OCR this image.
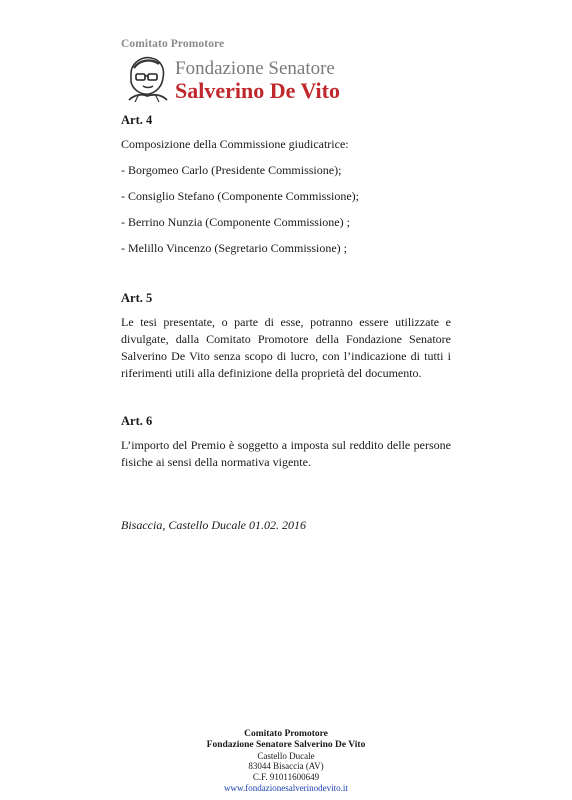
Comitato Promotore
Fondazione Senatore
Salverino De Vito

Art. 4

Composizione della Commissione giudicatrice:

- Borgomeo Carlo (Presidente Commissione);

- Consiglio Stefano (Componente Commissione);

- Berrino Nunzia (Componente Commissione) ;

- Melillo Vincenzo (Segretario Commissione) ;

Art. 5

Le tesi presentate, o parte di esse, potranno essere utilizzate e divulgate, dalla Comitato Promotore della Fondazione Senatore Salverino De Vito senza scopo di lucro, con l’indicazione di tutti i riferimenti utili alla definizione della proprietà del documento.

Art. 6

L’importo del Premio è soggetto a imposta sul reddito delle persone fisiche ai sensi della normativa vigente.

Bisaccia, Castello Ducale 01.02. 2016

Comitato Promotore
Fondazione Senatore Salverino De Vito
Castello Ducale
83044 Bisaccia (AV)
C.F. 91011600649
www.fondazionesalverinodevito.it
